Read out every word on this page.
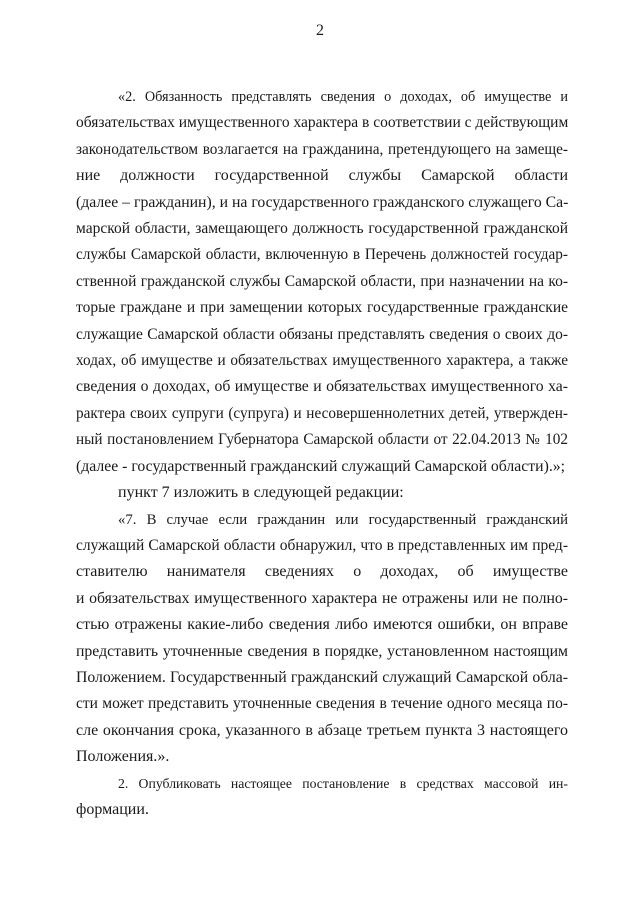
2
«2. Обязанность представлять сведения о доходах, об имуществе и
обязательствах имущественного характера в соответствии с действующим
законодательством возлагается на гражданина, претендующего на замеще-
ние должности государственной службы Самарской области
(далее – гражданин), и на государственного гражданского служащего Са-
марской области, замещающего должность государственной гражданской
службы Самарской области, включенную в Перечень должностей государ-
ственной гражданской службы Самарской области, при назначении на ко-
торые граждане и при замещении которых государственные гражданские
служащие Самарской области обязаны представлять сведения о своих до-
ходах, об имуществе и обязательствах имущественного характера, а также
сведения о доходах, об имуществе и обязательствах имущественного ха-
рактера своих супруги (супруга) и несовершеннолетних детей, утвержден-
ный постановлением Губернатора Самарской области от 22.04.2013 № 102
(далее - государственный гражданский служащий Самарской области).»;
пункт 7 изложить в следующей редакции:
«7. В случае если гражданин или государственный гражданский
служащий Самарской области обнаружил, что в представленных им пред-
ставителю нанимателя сведениях о доходах, об имуществе
и обязательствах имущественного характера не отражены или не полно-
стью отражены какие-либо сведения либо имеются ошибки, он вправе
представить уточненные сведения в порядке, установленном настоящим
Положением. Государственный гражданский служащий Самарской обла-
сти может представить уточненные сведения в течение одного месяца по-
сле окончания срока, указанного в абзаце третьем пункта 3 настоящего
Положения.».
2. Опубликовать настоящее постановление в средствах массовой ин-
формации.
